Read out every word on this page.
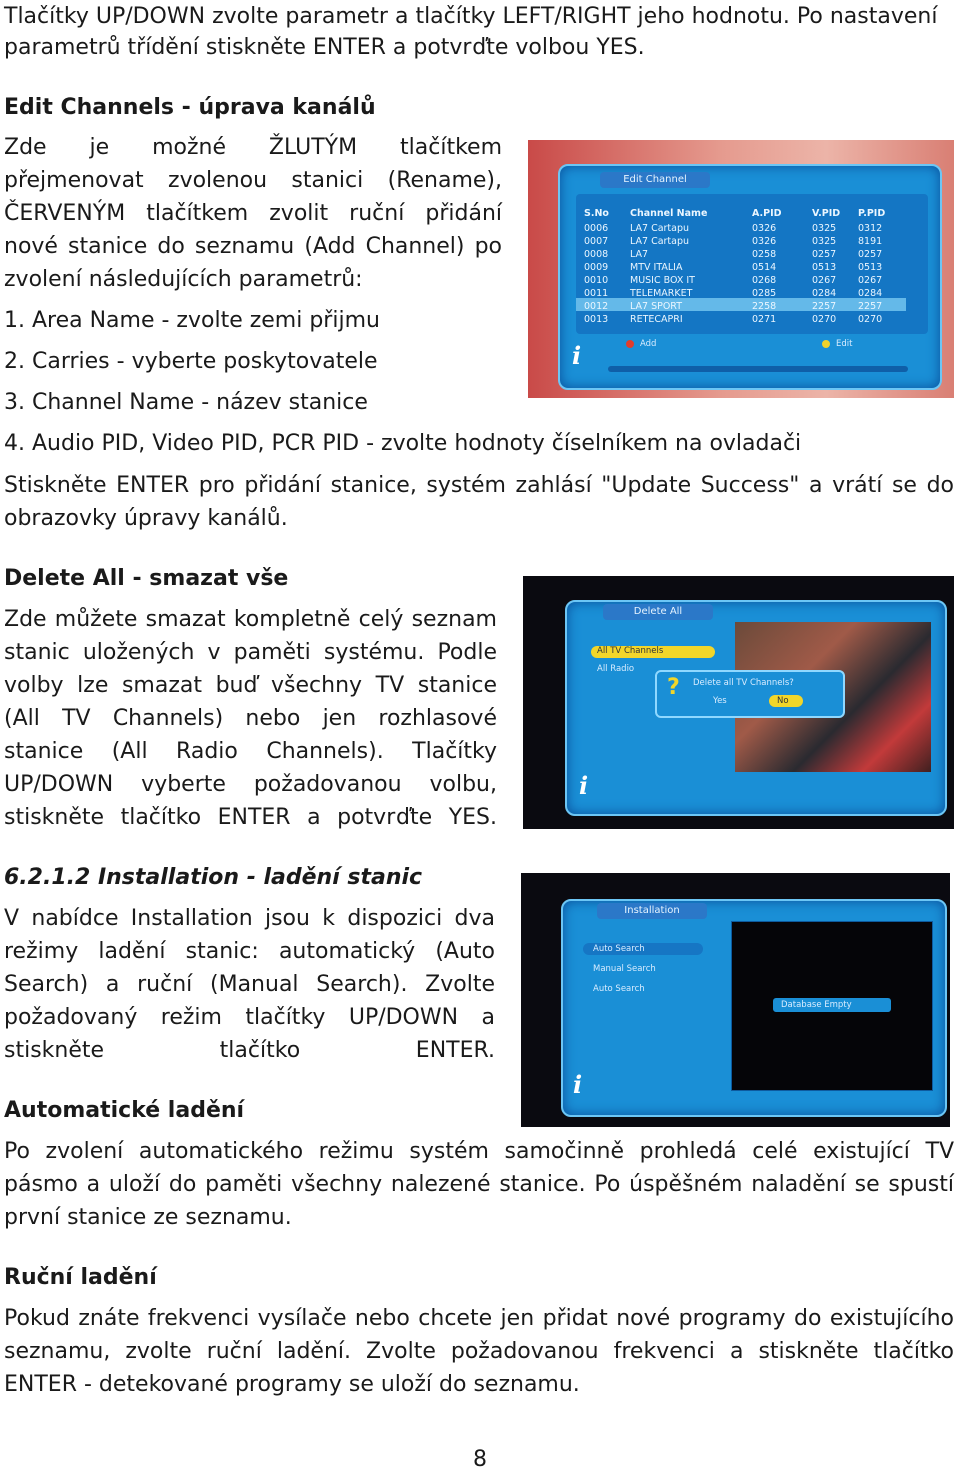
Tlačítky UP/DOWN zvolte parametr a tlačítky LEFT/RIGHT jeho hodnotu. Po nastavení

parametrů třídění stiskněte ENTER a potvrďte volbou YES.

Edit Channels - úprava kanálů

Zde je možné ŽLUTÝM tlačítkem přejmenovat zvolenou stanici (Rename), ČERVENÝM tlačítkem zvolit ruční přidání nové stanice do seznamu (Add Channel) po zvolení následujících parametrů:

1. Area Name - zvolte zemi přijmu

2. Carries - vyberte poskytovatele

3. Channel Name - název stanice

4. Audio PID, Video PID, PCR PID - zvolte hodnoty číselníkem na ovladači

Stiskněte ENTER pro přidání stanice, systém zahlásí "Update Success" a vrátí se do obrazovky úpravy kanálů.

Edit Channel
Add	Edit
i
S.No Channel Name	A.PID	V.PID P.PID
0006 LA7 Cartapu	0326	0325 0312
0007 LA7 Cartapu	0326	0325 8191
0008 LA7	0258	0257 0257
0009 MTV ITALIA	0514	0513 0513
0010 MUSIC BOX IT	0268	0267 0267
0011 TELEMARKET	0285	0284 0284
0012 LA7 SPORT	2258	2257 2257
0013 RETECAPRI	0271	0270 0270
Delete All - smazat vše

Zde můžete smazat kompletně celý seznam stanic uložených v paměti systému. Podle volby lze smazat buď všechny TV stanice (All TV Channels) nebo jen rozhlasové stanice (All Radio Channels). Tlačítky UP/DOWN vyberte požadovanou volbu, stiskněte tlačítko ENTER a potvrďte YES.

Delete All
All TV Channels
All Radio
? Delete all TV Channels?
Yes	No
i
6.2.1.2 Installation - ladění stanic

V nabídce Installation jsou k dispozici dva režimy ladění stanic: automatický (Auto Search) a ruční (Manual Search). Zvolte požadovaný režim tlačítky UP/DOWN a stiskněte tlačítko ENTER.

Installation
Auto Search
Manual Search
Auto Search
Database Empty
i
Automatické ladění

Po zvolení automatického režimu systém samočinně prohledá celé existující TV pásmo a uloží do paměti všechny nalezené stanice. Po úspěšném naladění se spustí první stanice ze seznamu.

Ruční ladění

Pokud znáte frekvenci vysílače nebo chcete jen přidat nové programy do existujícího seznamu, zvolte ruční ladění. Zvolte požadovanou frekvenci a stiskněte tlačítko ENTER - detekované programy se uloží do seznamu.

8
